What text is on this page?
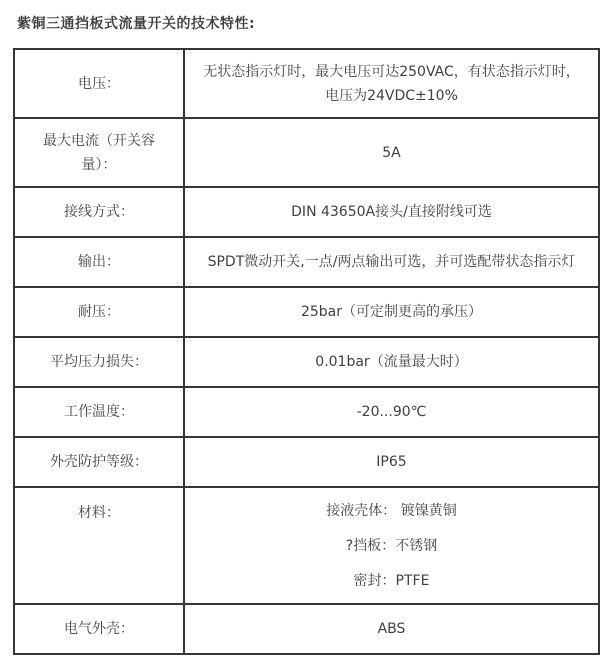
紫铜三通挡板式流量开关的技术特性:
电压：	无状态指示灯时，最大电压可达250VAC，有状态指示灯时，电压为24VDC±10%
最大电流（开关容量）：	5A
接线方式：	DIN 43650A接头/直接附线可选
输出：	SPDT微动开关,一点/两点输出可选，并可选配带状态指示灯
耐压：	25bar（可定制更高的承压）
平均压力损失：	0.01bar（流量最大时）
工作温度：	-20...90℃
外壳防护等级：	IP65
材料：	接液壳体： 镀镍黄铜

?挡板：不锈钢

密封：PTFE

电气外壳：	ABS
